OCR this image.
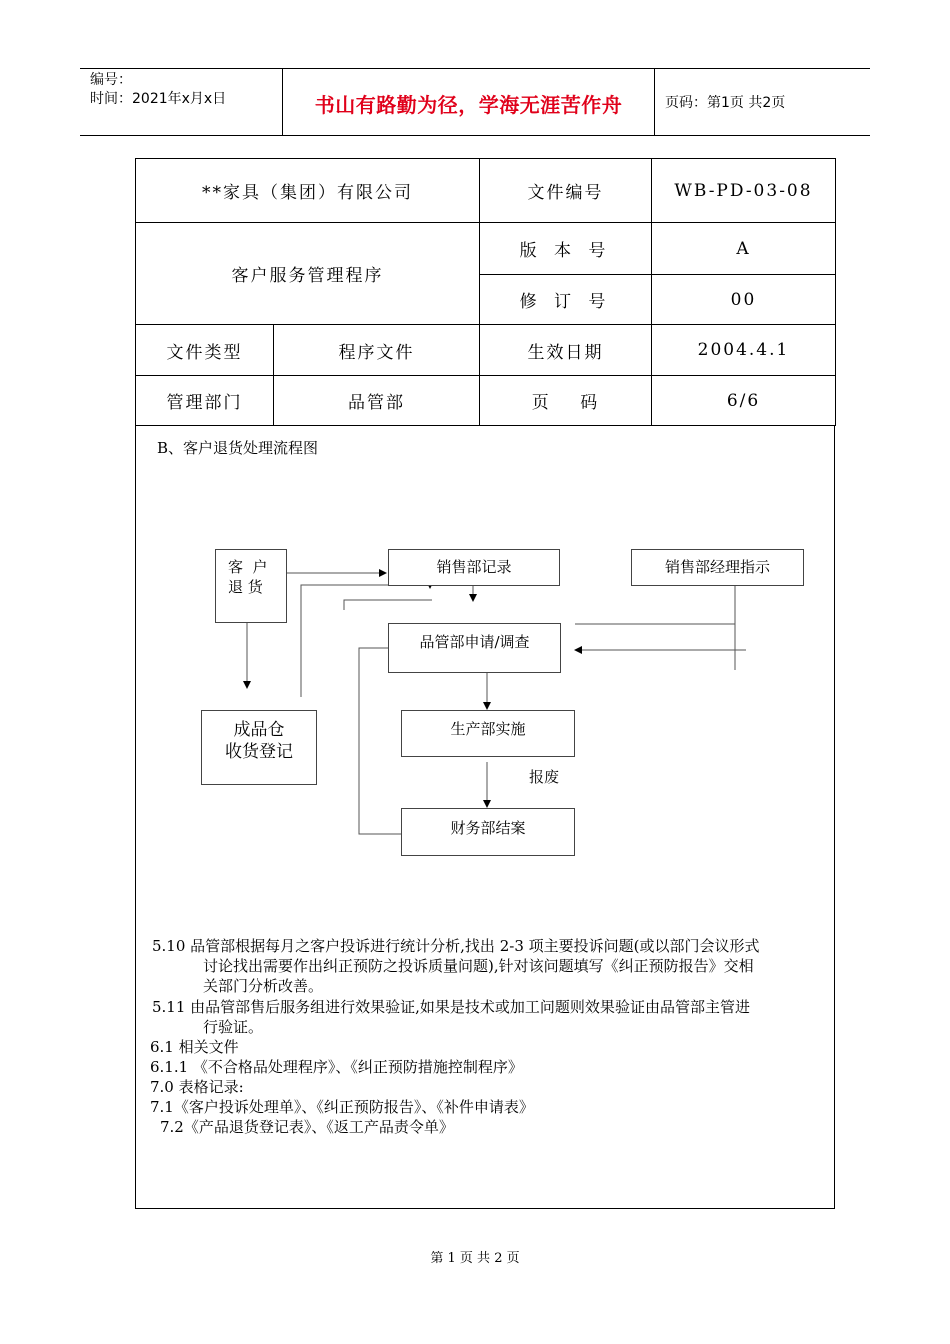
编号：
时间：2021年x月x日	书山有路勤为径，学海无涯苦作舟	页码：第1页 共2页
**家具（集团）有限公司		文件编号	WB-PD-03-08
客户服务管理程序		版 本 号	A
		修 订 号	00
文件类型	程序文件	生效日期	2004.4.1
管理部门	品管部	页    码	6/6
B、客户退货处理流程图
客  户
退 货
销售部记录	销售部经理指示
品管部申请/调查
成品仓
收货登记
生产部实施
报废
财务部结案
5.10 品管部根据每月之客户投诉进行统计分析,找出 2-3 项主要投诉问题(或以部门会议形式
讨论找出需要作出纠正预防之投诉质量问题),针对该问题填写《纠正预防报告》交相
关部门分析改善。
5.11 由品管部售后服务组进行效果验证,如果是技术或加工问题则效果验证由品管部主管进
行验证。
6.1 相关文件
6.1.1 《不合格品处理程序》、《纠正预防措施控制程序》
7.0 表格记录:
7.1《客户投诉处理单》、《纠正预防报告》、《补件申请表》
7.2《产品退货登记表》、《返工产品责令单》
第 1 页 共 2 页
